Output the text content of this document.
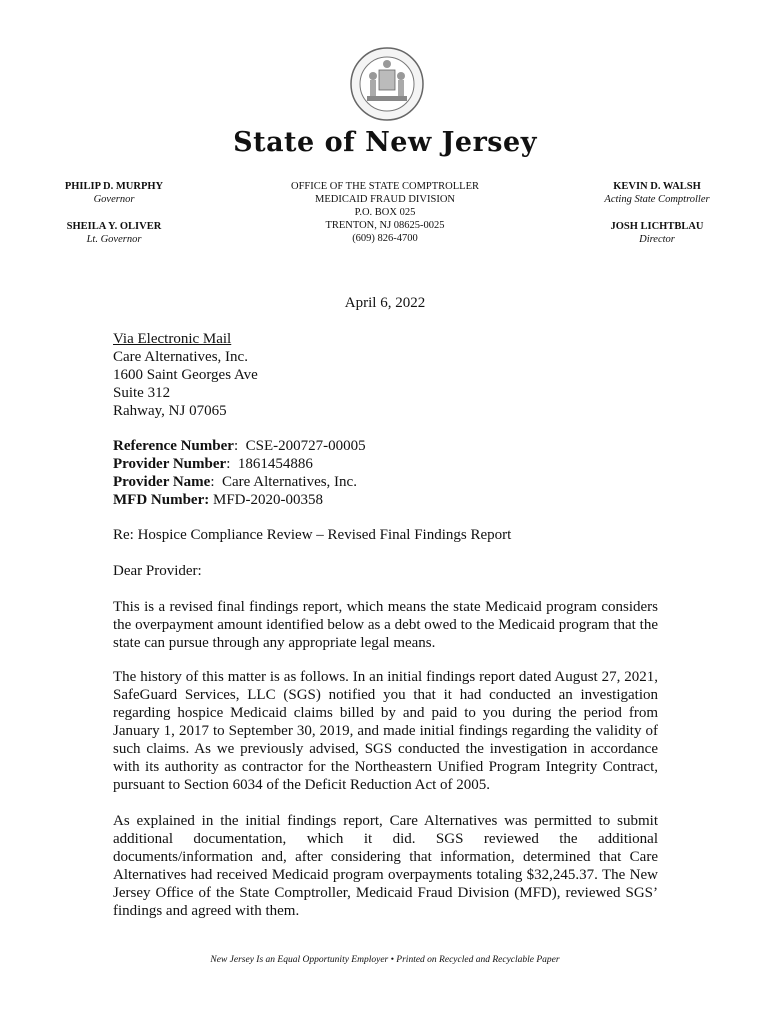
State of New Jersey
PHILIP D. MURPHY
Governor
SHEILA Y. OLIVER
Lt. Governor
OFFICE OF THE STATE COMPTROLLER
MEDICAID FRAUD DIVISION
P.O. BOX 025
TRENTON, NJ 08625-0025
(609) 826-4700
KEVIN D. WALSH
Acting State Comptroller
JOSH LICHTBLAU
Director
April 6, 2022
Via Electronic Mail
Care Alternatives, Inc.
1600 Saint Georges Ave
Suite 312
Rahway, NJ 07065
Reference Number:  CSE-200727-00005
Provider Number:  1861454886
Provider Name:  Care Alternatives, Inc.
MFD Number: MFD-2020-00358
Re: Hospice Compliance Review – Revised Final Findings Report
Dear Provider:
This is a revised final findings report, which means the state Medicaid program considers the overpayment amount identified below as a debt owed to the Medicaid program that the state can pursue through any appropriate legal means.
The history of this matter is as follows. In an initial findings report dated August 27, 2021, SafeGuard Services, LLC (SGS) notified you that it had conducted an investigation regarding hospice Medicaid claims billed by and paid to you during the period from January 1, 2017 to September 30, 2019, and made initial findings regarding the validity of such claims. As we previously advised, SGS conducted the investigation in accordance with its authority as contractor for the Northeastern Unified Program Integrity Contract, pursuant to Section 6034 of the Deficit Reduction Act of 2005.
As explained in the initial findings report, Care Alternatives was permitted to submit additional documentation, which it did. SGS reviewed the additional documents/information and, after considering that information, determined that Care Alternatives had received Medicaid program overpayments totaling $32,245.37. The New Jersey Office of the State Comptroller, Medicaid Fraud Division (MFD), reviewed SGS’ findings and agreed with them.
New Jersey Is an Equal Opportunity Employer • Printed on Recycled and Recyclable Paper
